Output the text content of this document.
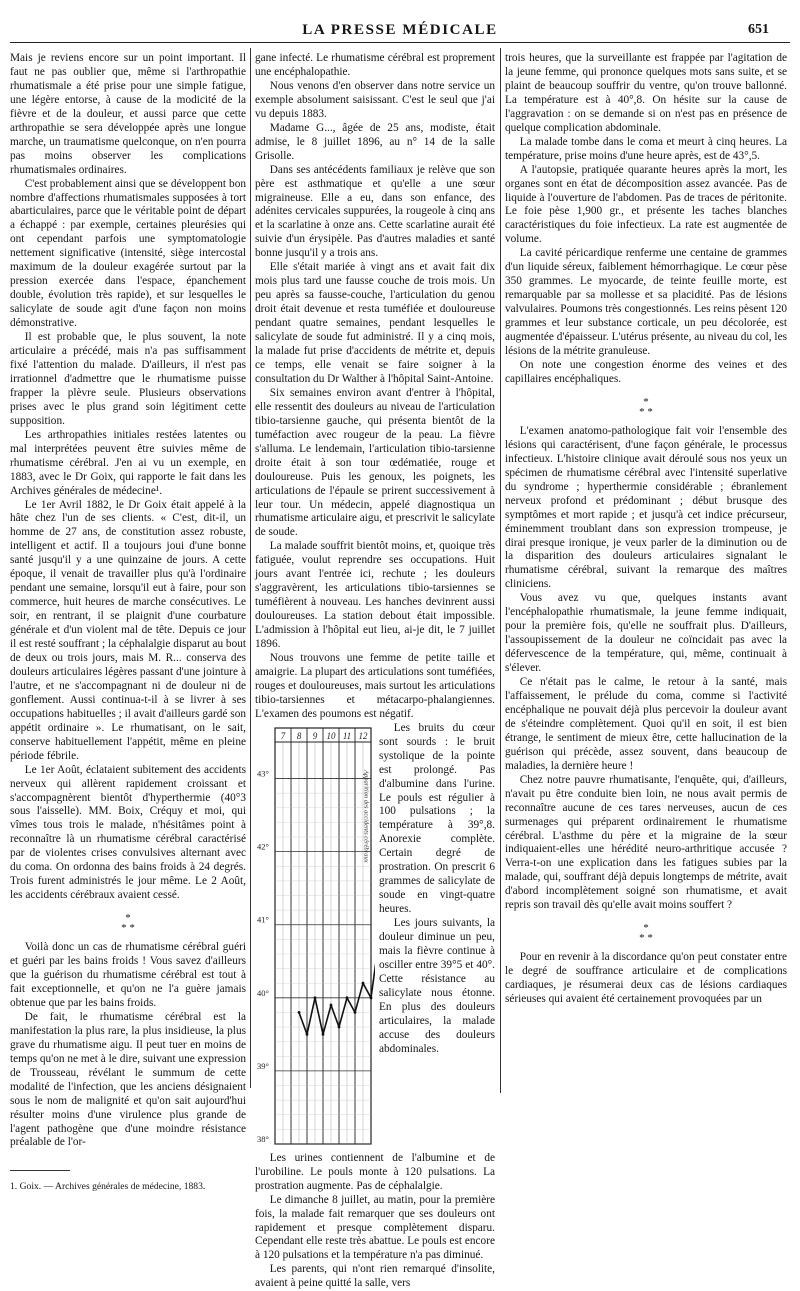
LA PRESSE MÉDICALE	651

Mais je reviens encore sur un point important. Il faut ne pas oublier que, même si l'arthropathie rhumatismale a été prise pour une simple fatigue, une légère entorse, à cause de la modicité de la fièvre et de la douleur, et aussi parce que cette arthropathie se sera développée après une longue marche, un traumatisme quelconque, on n'en pourra pas moins observer les complications rhumatismales ordinaires.

C'est probablement ainsi que se développent bon nombre d'affections rhumatismales supposées à tort abarticulaires, parce que le véritable point de départ a échappé : par exemple, certaines pleurésies qui ont cependant parfois une symptomatologie nettement significative (intensité, siège intercostal maximum de la douleur exagérée surtout par la pression exercée dans l'espace, épanchement double, évolution très rapide), et sur lesquelles le salicylate de soude agit d'une façon non moins démonstrative.

Il est probable que, le plus souvent, la note articulaire a précédé, mais n'a pas suffisamment fixé l'attention du malade. D'ailleurs, il n'est pas irrationnel d'admettre que le rhumatisme puisse frapper la plèvre seule. Plusieurs observations prises avec le plus grand soin légitiment cette supposition.

Les arthropathies initiales restées latentes ou mal interprétées peuvent être suivies même de rhumatisme cérébral. J'en ai vu un exemple, en 1883, avec le Dr Goix, qui rapporte le fait dans les Archives générales de médecine¹.

Le 1er Avril 1882, le Dr Goix était appelé à la hâte chez l'un de ses clients. « C'est, dit-il, un homme de 27 ans, de constitution assez robuste, intelligent et actif. Il a toujours joui d'une bonne santé jusqu'il y a une quinzaine de jours. A cette époque, il venait de travailler plus qu'à l'ordinaire pendant une semaine, lorsqu'il eut à faire, pour son commerce, huit heures de marche consécutives. Le soir, en rentrant, il se plaignit d'une courbature générale et d'un violent mal de tête. Depuis ce jour il est resté souffrant ; la céphalalgie disparut au bout de deux ou trois jours, mais M. R... conserva des douleurs articulaires légères passant d'une jointure à l'autre, et ne s'accompagnant ni de douleur ni de gonflement. Aussi continua-t-il à se livrer à ses occupations habituelles ; il avait d'ailleurs gardé son appétit ordinaire ». Le rhumatisant, on le sait, conserve habituellement l'appétit, même en pleine période fébrile.

Le 1er Août, éclataient subitement des accidents nerveux qui allèrent rapidement croissant et s'accompagnèrent bientôt d'hyperthermie (40°3 sous l'aisselle). MM. Boix, Créquy et moi, qui vîmes tous trois le malade, n'hésitâmes point à reconnaître là un rhumatisme cérébral caractérisé par de violentes crises convulsives alternant avec du coma. On ordonna des bains froids à 24 degrés. Trois furent administrés le jour même. Le 2 Août, les accidents cérébraux avaient cessé.

*
* *

Voilà donc un cas de rhumatisme cérébral guéri et guéri par les bains froids ! Vous savez d'ailleurs que la guérison du rhumatisme cérébral est tout à fait exceptionnelle, et qu'on ne l'a guère jamais obtenue que par les bains froids.

De fait, le rhumatisme cérébral est la manifestation la plus rare, la plus insidieuse, la plus grave du rhumatisme aigu. Il peut tuer en moins de temps qu'on ne met à le dire, suivant une expression de Trousseau, révélant le summum de cette modalité de l'infection, que les anciens désignaient sous le nom de malignité et qu'on sait aujourd'hui résulter moins d'une virulence plus grande de l'agent pathogène que d'une moindre résistance préalable de l'or-

1. Goix. — Archives générales de médecine, 1883.

gane infecté. Le rhumatisme cérébral est proprement une encéphalopathie.

Nous venons d'en observer dans notre service un exemple absolument saisissant. C'est le seul que j'ai vu depuis 1883.

Madame G..., âgée de 25 ans, modiste, était admise, le 8 juillet 1896, au n° 14 de la salle Grisolle.

Dans ses antécédents familiaux je relève que son père est asthmatique et qu'elle a une sœur migraineuse. Elle a eu, dans son enfance, des adénites cervicales suppurées, la rougeole à cinq ans et la scarlatine à onze ans. Cette scarlatine aurait été suivie d'un érysipèle. Pas d'autres maladies et santé bonne jusqu'il y a trois ans.

Elle s'était mariée à vingt ans et avait fait dix mois plus tard une fausse couche de trois mois. Un peu après sa fausse-couche, l'articulation du genou droit était devenue et resta tuméfiée et douloureuse pendant quatre semaines, pendant lesquelles le salicylate de soude fut administré. Il y a cinq mois, la malade fut prise d'accidents de métrite et, depuis ce temps, elle venait se faire soigner à la consultation du Dr Walther à l'hôpital Saint-Antoine.

Six semaines environ avant d'entrer à l'hôpital, elle ressentit des douleurs au niveau de l'articulation tibio-tarsienne gauche, qui présenta bientôt de la tuméfaction avec rougeur de la peau. La fièvre s'alluma. Le lendemain, l'articulation tibio-tarsienne droite était à son tour œdématiée, rouge et douloureuse. Puis les genoux, les poignets, les articulations de l'épaule se prirent successivement à leur tour. Un médecin, appelé diagnostiqua un rhumatisme articulaire aigu, et prescrivit le salicylate de soude.

La malade souffrit bientôt moins, et, quoique très fatiguée, voulut reprendre ses occupations. Huit jours avant l'entrée ici, rechute ; les douleurs s'aggravèrent, les articulations tibio-tarsiennes se tuméfièrent à nouveau. Les hanches devinrent aussi douloureuses. La station debout était impossible. L'admission à l'hôpital eut lieu, ai-je dit, le 7 juillet 1896.

Nous trouvons une femme de petite taille et amaigrie. La plupart des articulations sont tuméfiées, rouges et douloureuses, mais surtout les articulations tibio-tarsiennes et métacarpo-phalangiennes. L'examen des poumons est négatif.

7 8 9 10 11 12
43°
42°
41°
40°
39°
38°
Apparition des accidents cérébraux

Les bruits du cœur sont sourds : le bruit systolique de la pointe est prolongé. Pas d'albumine dans l'urine. Le pouls est régulier à 100 pulsations ; la température à 39°,8. Anorexie complète. Certain degré de prostration. On prescrit 6 grammes de salicylate de soude en vingt-quatre heures.

Les jours suivants, la douleur diminue un peu, mais la fièvre continue à osciller entre 39°5 et 40°. Cette résistance au salicylate nous étonne. En plus des douleurs articulaires, la malade accuse des douleurs abdominales.

Les urines contiennent de l'albumine et de l'urobiline. Le pouls monte à 120 pulsations. La prostration augmente. Pas de céphalalgie.

Le dimanche 8 juillet, au matin, pour la première fois, la malade fait remarquer que ses douleurs ont rapidement et presque complètement disparu. Cependant elle reste très abattue. Le pouls est encore à 120 pulsations et la température n'a pas diminué.

Les parents, qui n'ont rien remarqué d'insolite, avaient à peine quitté la salle, vers

trois heures, que la surveillante est frappée par l'agitation de la jeune femme, qui prononce quelques mots sans suite, et se plaint de beaucoup souffrir du ventre, qu'on trouve ballonné. La température est à 40°,8. On hésite sur la cause de l'aggravation : on se demande si on n'est pas en présence de quelque complication abdominale.

La malade tombe dans le coma et meurt à cinq heures. La température, prise moins d'une heure après, est de 43°,5.

A l'autopsie, pratiquée quarante heures après la mort, les organes sont en état de décomposition assez avancée. Pas de liquide à l'ouverture de l'abdomen. Pas de traces de péritonite. Le foie pèse 1,900 gr., et présente les taches blanches caractéristiques du foie infectieux. La rate est augmentée de volume.

La cavité péricardique renferme une centaine de grammes d'un liquide séreux, faiblement hémorrhagique. Le cœur pèse 350 grammes. Le myocarde, de teinte feuille morte, est remarquable par sa mollesse et sa placidité. Pas de lésions valvulaires. Poumons très congestionnés. Les reins pèsent 120 grammes et leur substance corticale, un peu décolorée, est augmentée d'épaisseur. L'utérus présente, au niveau du col, les lésions de la métrite granuleuse.

On note une congestion énorme des veines et des capillaires encéphaliques.

*
* *

L'examen anatomo-pathologique fait voir l'ensemble des lésions qui caractérisent, d'une façon générale, le processus infectieux. L'histoire clinique avait déroulé sous nos yeux un spécimen de rhumatisme cérébral avec l'intensité superlative du syndrome ; hyperthermie considérable ; ébranlement nerveux profond et prédominant ; début brusque des symptômes et mort rapide ; et jusqu'à cet indice précurseur, éminemment troublant dans son expression trompeuse, je dirai presque ironique, je veux parler de la diminution ou de la disparition des douleurs articulaires signalant le rhumatisme cérébral, suivant la remarque des maîtres cliniciens.

Vous avez vu que, quelques instants avant l'encéphalopathie rhumatismale, la jeune femme indiquait, pour la première fois, qu'elle ne souffrait plus. D'ailleurs, l'assoupissement de la douleur ne coïncidait pas avec la défervescence de la température, qui, même, continuait à s'élever.

Ce n'était pas le calme, le retour à la santé, mais l'affaissement, le prélude du coma, comme si l'activité encéphalique ne pouvait déjà plus percevoir la douleur avant de s'éteindre complètement. Quoi qu'il en soit, il est bien étrange, le sentiment de mieux être, cette hallucination de la guérison qui précède, assez souvent, dans beaucoup de maladies, la dernière heure !

Chez notre pauvre rhumatisante, l'enquête, qui, d'ailleurs, n'avait pu être conduite bien loin, ne nous avait permis de reconnaître aucune de ces tares nerveuses, aucun de ces surmenages qui préparent ordinairement le rhumatisme cérébral. L'asthme du père et la migraine de la sœur indiquaient-elles une hérédité neuro-arthritique accusée ? Verra-t-on une explication dans les fatigues subies par la malade, qui, souffrant déjà depuis longtemps de métrite, avait d'abord incomplètement soigné son rhumatisme, et avait repris son travail dès qu'elle avait moins souffert ?

*
* *

Pour en revenir à la discordance qu'on peut constater entre le degré de souffrance articulaire et de complications cardiaques, je résumerai deux cas de lésions cardiaques sérieuses qui avaient été certainement provoquées par un
